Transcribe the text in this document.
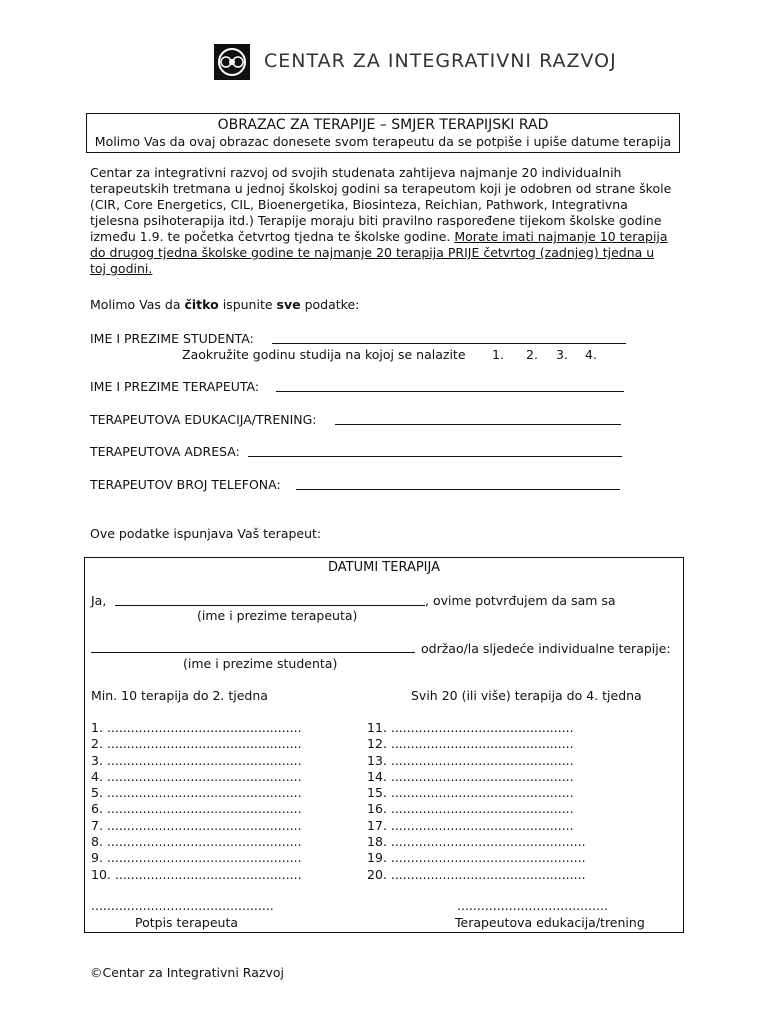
CENTAR ZA INTEGRATIVNI RAZVOJ
OBRAZAC ZA TERAPIJE – SMJER TERAPIJSKI RAD
Molimo Vas da ovaj obrazac donesete svom terapeutu da se potpiše i upiše datume terapija

Centar za integrativni razvoj od svojih studenata zahtijeva najmanje 20 individualnih

terapeutskih tretmana u jednoj školskoj godini sa terapeutom koji je odobren od strane škole

(CIR, Core Energetics, CIL, Bioenergetika, Biosinteza, Reichian, Pathwork, Integrativna

tjelesna psihoterapija itd.) Terapije moraju biti pravilno raspoređene tijekom školske godine

između 1.9. te početka četvrtog tjedna te školske godine. Morate imati najmanje 10 terapija

do drugog tjedna školske godine te najmanje 20 terapija PRIJE četvrtog (zadnjeg) tjedna u

toj godini.

Molimo Vas da čitko ispunite sve podatke:
IME I PREZIME STUDENTA:
Zaokružite godinu studija na kojoj se nalazite 1. 2. 3. 4.
IME I PREZIME TERAPEUTA:
TERAPEUTOVA EDUKACIJA/TRENING:
TERAPEUTOVA ADRESA:
TERAPEUTOV BROJ TELEFONA:
Ove podatke ispunjava Vaš terapeut:
DATUMI TERAPIJA
Ja,	, ovime potvrđujem da sam sa
(ime i prezime terapeuta)
održao/la sljedeće individualne terapije:
(ime i prezime studenta)
Min. 10 terapija do 2. tjedna	Svih 20 (ili više) terapija do 4. tjedna
1. .................................................
2. .................................................
3. .................................................
4. .................................................
5. .................................................
6. .................................................
7. .................................................
8. .................................................
9. .................................................
10. ...............................................
11. ..............................................
12. ..............................................
13. ..............................................
14. ..............................................
15. ..............................................
16. ..............................................
17. ..............................................
18. .................................................
19. .................................................
20. .................................................
..............................................	......................................
Potpis terapeuta	Terapeutova edukacija/trening
©Centar za Integrativni Razvoj
